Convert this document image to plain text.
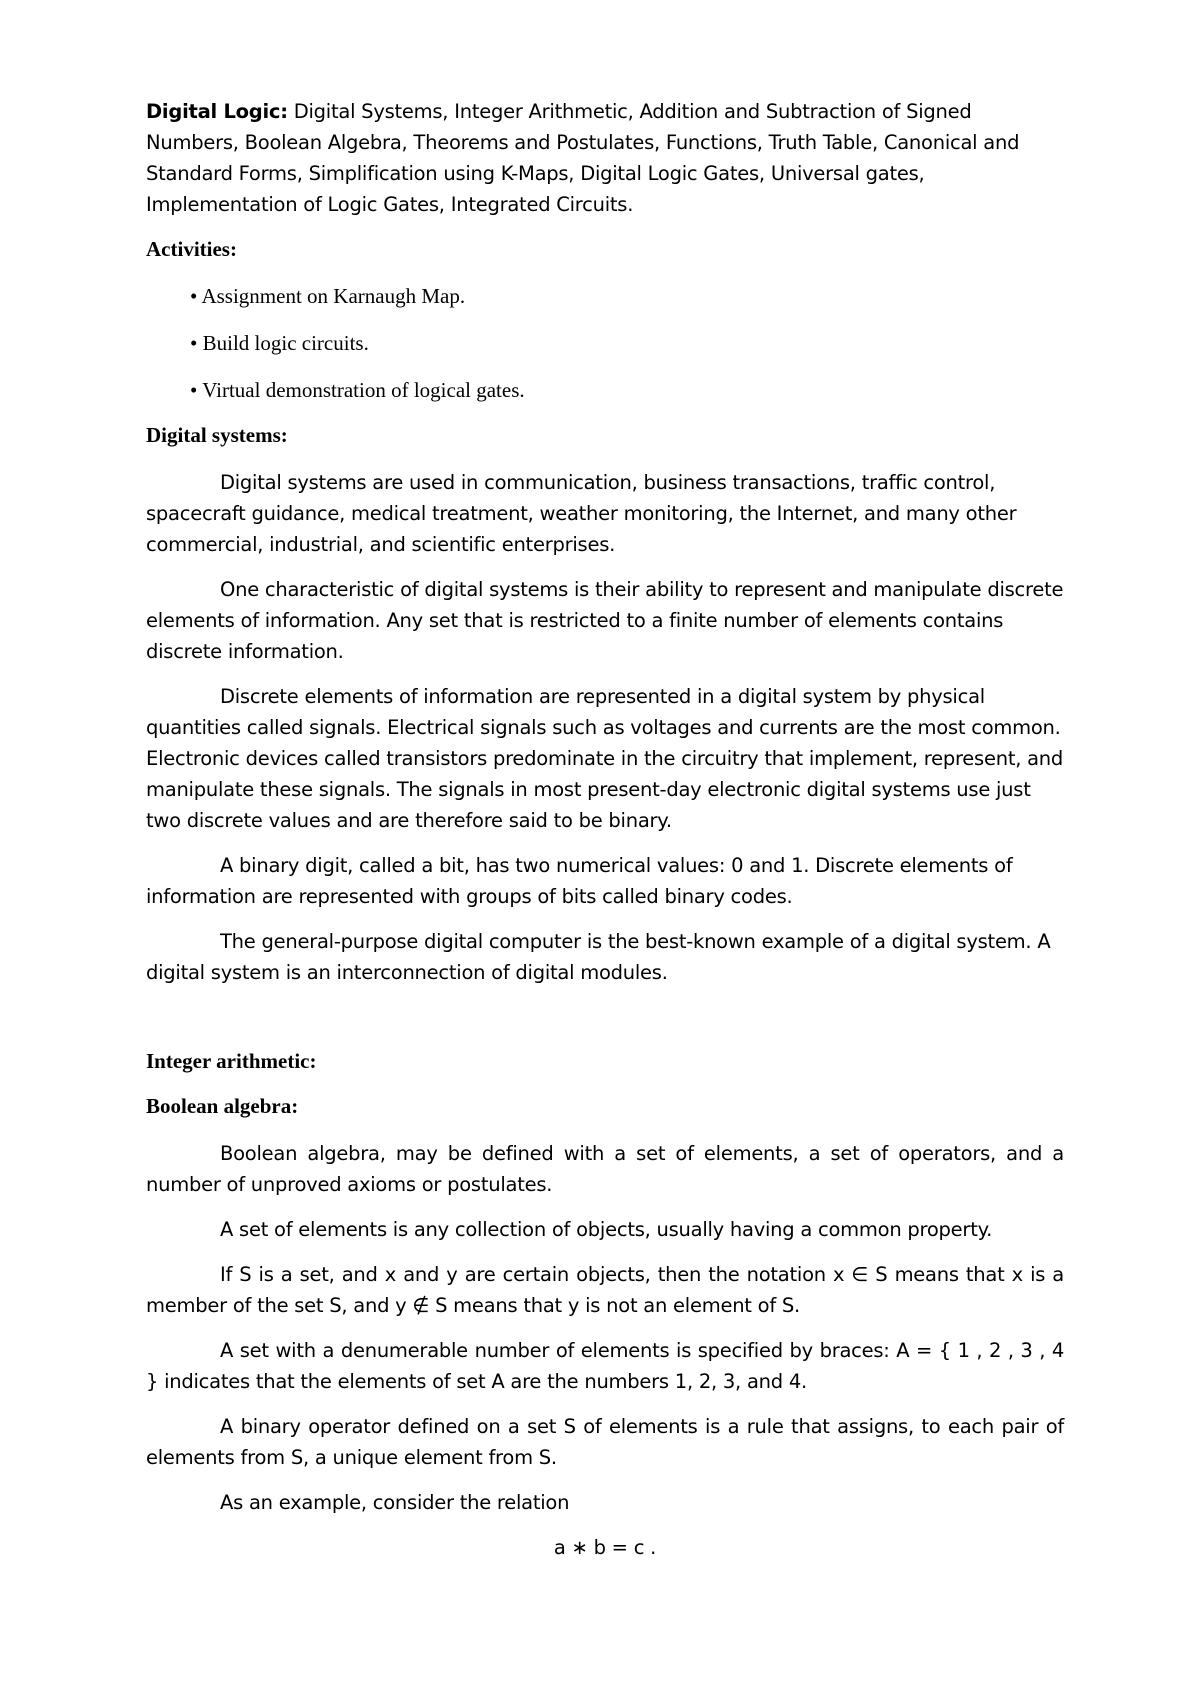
Digital Logic: Digital Systems, Integer Arithmetic, Addition and Subtraction of Signed Numbers, Boolean Algebra, Theorems and Postulates, Functions, Truth Table, Canonical and Standard Forms, Simplification using K-Maps, Digital Logic Gates, Universal gates, Implementation of Logic Gates, Integrated Circuits.

Activities:

• Assignment on Karnaugh Map.

• Build logic circuits.

• Virtual demonstration of logical gates.

Digital systems:

Digital systems are used in communication, business transactions, traffic control, spacecraft guidance, medical treatment, weather monitoring, the Internet, and many other commercial, industrial, and scientific enterprises.

One characteristic of digital systems is their ability to represent and manipulate discrete elements of information. Any set that is restricted to a finite number of elements contains discrete information.

Discrete elements of information are represented in a digital system by physical quantities called signals. Electrical signals such as voltages and currents are the most common. Electronic devices called transistors predominate in the circuitry that implement, represent, and manipulate these signals. The signals in most present-day electronic digital systems use just two discrete values and are therefore said to be binary.

A binary digit, called a bit, has two numerical values: 0 and 1. Discrete elements of information are represented with groups of bits called binary codes.

The general-purpose digital computer is the best-known example of a digital system. A digital system is an interconnection of digital modules.

Integer arithmetic:

Boolean algebra:

Boolean algebra, may be defined with a set of elements, a set of operators, and a number of unproved axioms or postulates.

A set of elements is any collection of objects, usually having a common property.

If S is a set, and x and y are certain objects, then the notation x ∈ S means that x is a member of the set S, and y ∉ S means that y is not an element of S.

A set with a denumerable number of elements is specified by braces: A = { 1 , 2 , 3 , 4 } indicates that the elements of set A are the numbers 1, 2, 3, and 4.

A binary operator defined on a set S of elements is a rule that assigns, to each pair of elements from S, a unique element from S.

As an example, consider the relation

a ∗ b = c .
